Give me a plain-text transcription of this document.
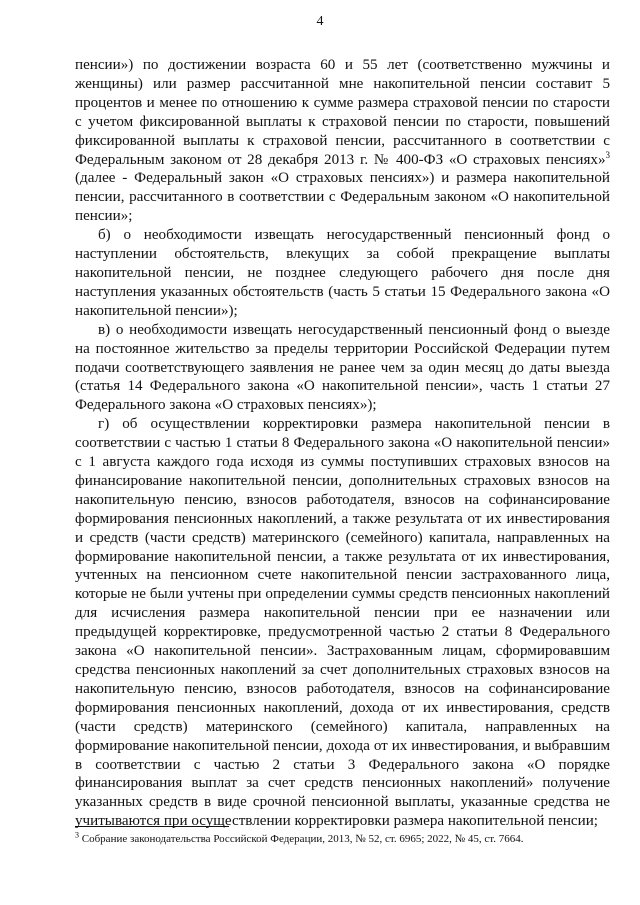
4

пенсии») по достижении возраста 60 и 55 лет (соответственно мужчины и женщины) или размер рассчитанной мне накопительной пенсии составит 5 процентов и менее по отношению к сумме размера страховой пенсии по старости с учетом фиксированной выплаты к страховой пенсии по старости, повышений фиксированной выплаты к страховой пенсии, рассчитанного в соответствии с Федеральным законом от 28 декабря 2013 г. № 400-ФЗ «О страховых пенсиях»$^3$ (далее - Федеральный закон «О страховых пенсиях») и размера накопительной пенсии, рассчитанного в соответствии с Федеральным законом «О накопительной пенсии»;

б) о необходимости извещать негосударственный пенсионный фонд о наступлении обстоятельств, влекущих за собой прекращение выплаты накопительной пенсии, не позднее следующего рабочего дня после дня наступления указанных обстоятельств (часть 5 статьи 15 Федерального закона «О накопительной пенсии»);

в) о необходимости извещать негосударственный пенсионный фонд о выезде на постоянное жительство за пределы территории Российской Федерации путем подачи соответствующего заявления не ранее чем за один месяц до даты выезда (статья 14 Федерального закона «О накопительной пенсии», часть 1 статьи 27 Федерального закона «О страховых пенсиях»);

г) об осуществлении корректировки размера накопительной пенсии в соответствии с частью 1 статьи 8 Федерального закона «О накопительной пенсии» с 1 августа каждого года исходя из суммы поступивших страховых взносов на финансирование накопительной пенсии, дополнительных страховых взносов на накопительную пенсию, взносов работодателя, взносов на софинансирование формирования пенсионных накоплений, а также результата от их инвестирования и средств (части средств) материнского (семейного) капитала, направленных на формирование накопительной пенсии, а также результата от их инвестирования, учтенных на пенсионном счете накопительной пенсии застрахованного лица, которые не были учтены при определении суммы средств пенсионных накоплений для исчисления размера накопительной пенсии при ее назначении или предыдущей корректировке, предусмотренной частью 2 статьи 8 Федерального закона «О накопительной пенсии». Застрахованным лицам, сформировавшим средства пенсионных накоплений за счет дополнительных страховых взносов на накопительную пенсию, взносов работодателя, взносов на софинансирование формирования пенсионных накоплений, дохода от их инвестирования, средств (части средств) материнского (семейного) капитала, направленных на формирование накопительной пенсии, дохода от их инвестирования, и выбравшим в соответствии с частью 2 статьи 3 Федерального закона «О порядке финансирования выплат за счет средств пенсионных накоплений» получение указанных средств в виде срочной пенсионной выплаты, указанные средства не учитываются при осуществлении корректировки размера накопительной пенсии;

$^3$ Собрание законодательства Российской Федерации, 2013, № 52, ст. 6965; 2022, № 45, ст. 7664.
